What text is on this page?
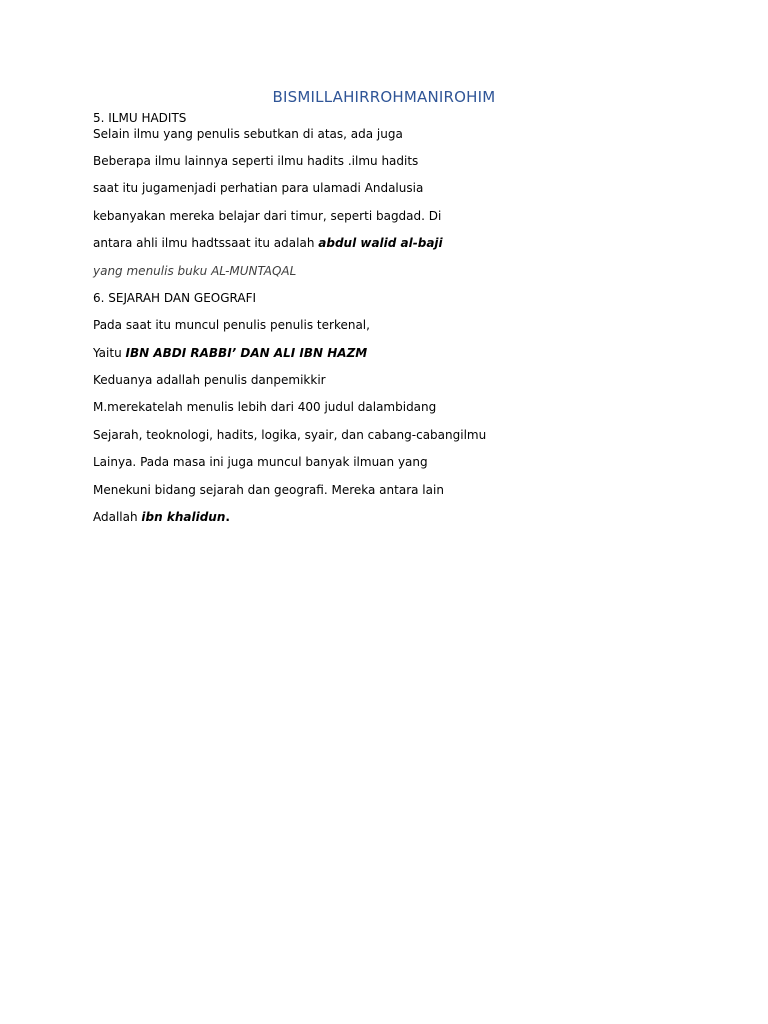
BISMILLAHIRROHMANIROHIM

5. ILMU HADITS

Selain ilmu yang penulis sebutkan di atas, ada juga

Beberapa ilmu lainnya seperti ilmu hadits .ilmu hadits

saat itu jugamenjadi perhatian para ulamadi Andalusia

kebanyakan mereka belajar dari timur, seperti bagdad. Di

antara ahli ilmu hadtssaat itu adalah abdul walid al-baji

yang menulis buku AL-MUNTAQAL

6. SEJARAH DAN GEOGRAFI

Pada saat itu muncul penulis penulis terkenal,

Yaitu IBN ABDI RABBI’ DAN ALI IBN HAZM

Keduanya adallah penulis danpemikkir

M.merekatelah menulis lebih dari 400 judul dalambidang

Sejarah, teoknologi, hadits, logika, syair, dan cabang-cabangilmu

Lainya. Pada masa ini juga muncul banyak ilmuan yang

Menekuni bidang sejarah dan geografi. Mereka antara lain

Adallah ibn khalidun.
